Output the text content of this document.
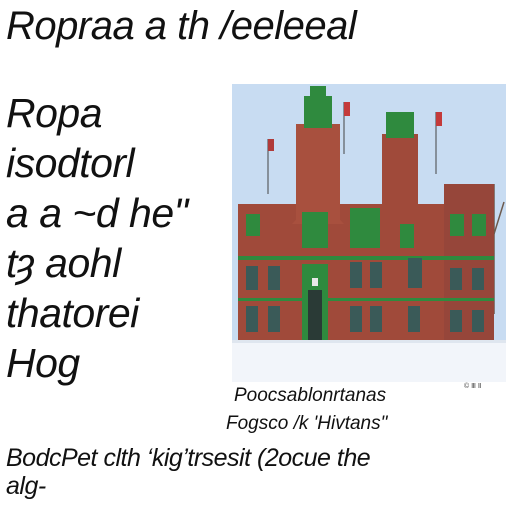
Roprаа a th /eeleeal
Ropa
isodtorl
a a ~d he"
tȝ aohl
thatorei
Hog
© Ⅲ Ⅱ
Poocsablonrtanas
Fogsco /k 'Hivtans"
BodcPet clth ‘kig’trsesit (2ocue the
alg-
